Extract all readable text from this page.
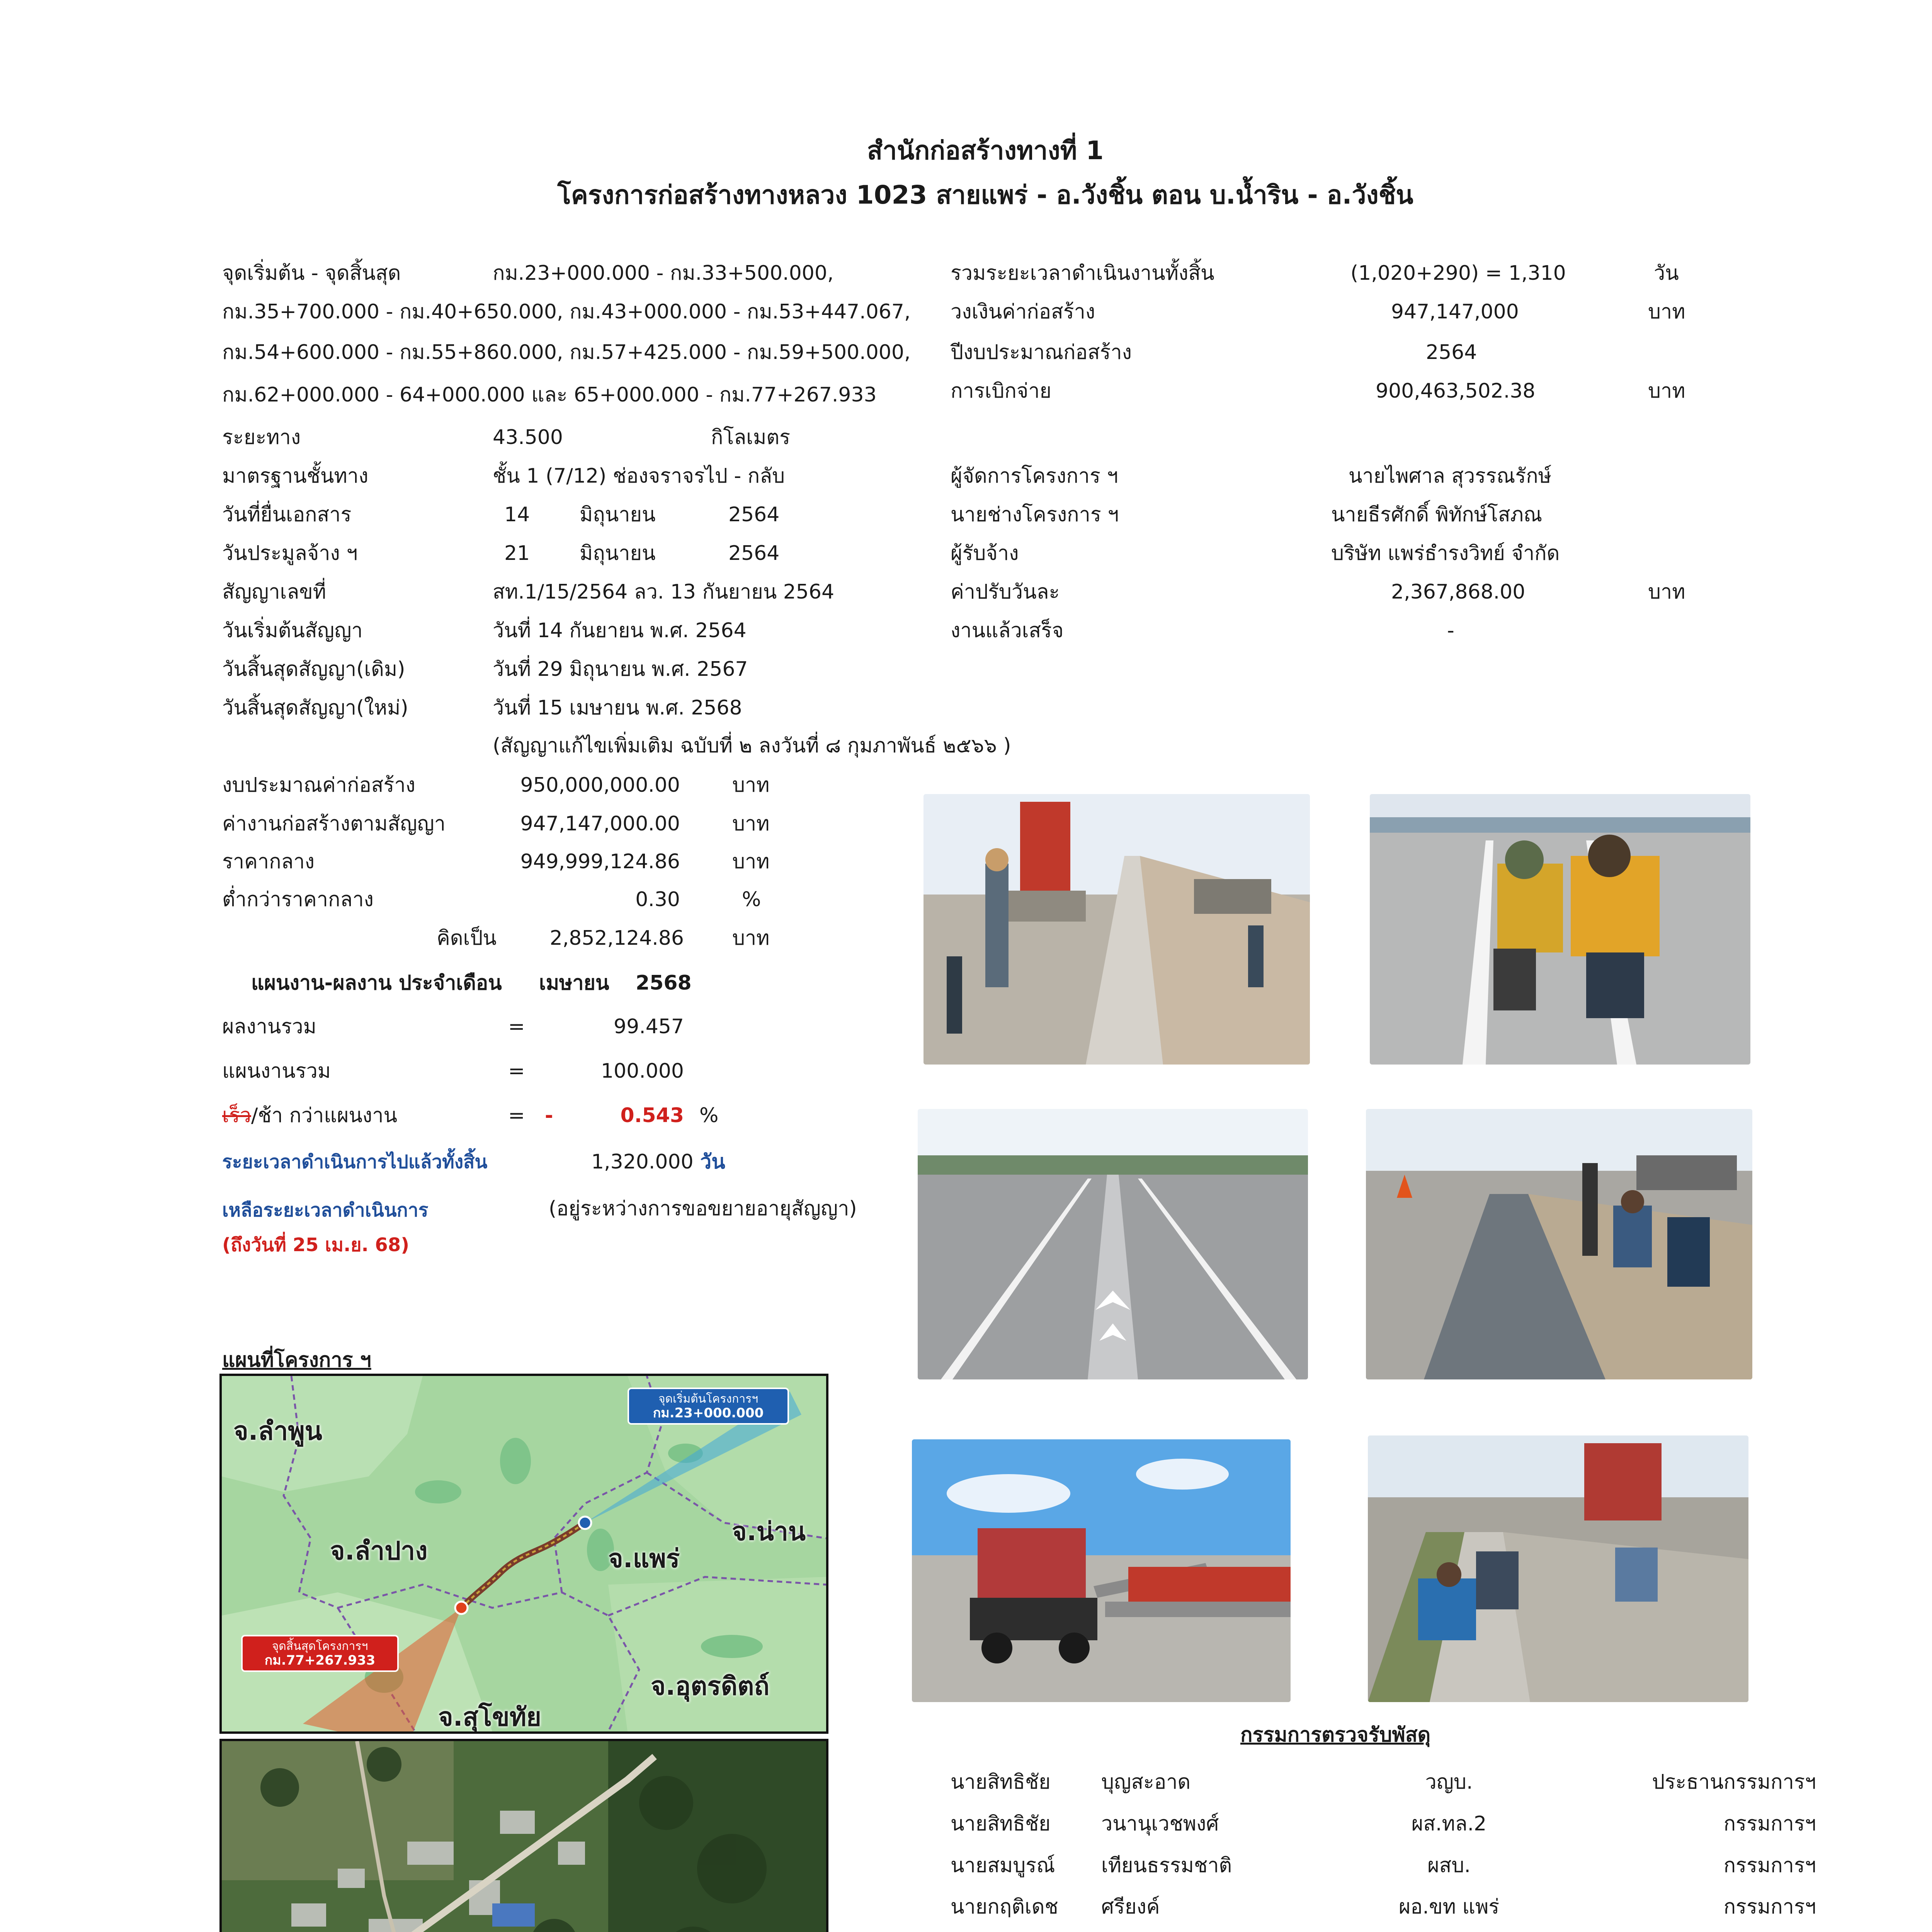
สำนักก่อสร้างทางที่ 1
โครงการก่อสร้างทางหลวง 1023 สายแพร่ - อ.วังชิ้น ตอน บ.น้ำริน - อ.วังชิ้น
จุดเริ่มต้น - จุดสิ้นสุด	กม.23+000.000 - กม.33+500.000,
กม.35+700.000 - กม.40+650.000, กม.43+000.000 - กม.53+447.067,
กม.54+600.000 - กม.55+860.000, กม.57+425.000 - กม.59+500.000,
กม.62+000.000 - 64+000.000 และ 65+000.000 - กม.77+267.933
ระยะทาง	43.500	กิโลเมตร
มาตรฐานชั้นทาง	ชั้น 1 (7/12) ช่องจราจรไป - กลับ
วันที่ยื่นเอกสาร	14 มิถุนายน	2564
วันประมูลจ้าง ฯ	21 มิถุนายน	2564
สัญญาเลขที่	สท.1/15/2564 ลว. 13 กันยายน 2564
วันเริ่มต้นสัญญา	วันที่ 14 กันยายน พ.ศ. 2564
วันสิ้นสุดสัญญา(เดิม)	วันที่ 29 มิถุนายน พ.ศ. 2567
วันสิ้นสุดสัญญา(ใหม่)	วันที่ 15 เมษายน พ.ศ. 2568
(สัญญาแก้ไขเพิ่มเติม ฉบับที่ ๒ ลงวันที่ ๘ กุมภาพันธ์ ๒๕๖๖ )
รวมระยะเวลาดำเนินงานทั้งสิ้น	(1,020+290) = 1,310	วัน
วงเงินค่าก่อสร้าง	947,147,000	บาท
ปีงบประมาณก่อสร้าง	2564
การเบิกจ่าย	900,463,502.38	บาท
ผู้จัดการโครงการ ฯ	นายไพศาล สุวรรณรักษ์
นายช่างโครงการ ฯ	นายธีรศักดิ์ พิทักษ์โสภณ
ผู้รับจ้าง	บริษัท แพร่ธำรงวิทย์ จำกัด
ค่าปรับวันละ	2,367,868.00	บาท
งานแล้วเสร็จ	-
งบประมาณค่าก่อสร้าง	950,000,000.00	บาท
ค่างานก่อสร้างตามสัญญา	947,147,000.00	บาท
ราคากลาง	949,999,124.86	บาท
ต่ำกว่าราคากลาง	0.30	%
คิดเป็น	2,852,124.86 บาท
แผนงาน-ผลงาน ประจำเดือน เมษายน 2568
ผลงานรวม	=	99.457
แผนงานรวม	=	100.000
เร็ว/ช้า กว่าแผนงาน	= -	0.543 %
ระยะเวลาดำเนินการไปแล้วทั้งสิ้น	1,320.000 วัน
เหลือระยะเวลาดำเนินการ	(อยู่ระหว่างการขอขยายอายุสัญญา)
(ถึงวันที่ 25 เม.ย. 68)
แผนที่โครงการ ฯ
จ.ลำพูน
จ.ลำปาง	จ.แพร่
จ.น่าน
จ.อุตรดิตถ์
จ.สุโขทัย
จุดเริ่มต้นโครงการฯ
กม.23+000.000
จุดสิ้นสุดโครงการฯ
กม.77+267.933
กรรมการตรวจรับพัสดุ
นายสิทธิชัย	บุญสะอาด	วญบ.	ประธานกรรมการฯ
นายสิทธิชัย	วนานุเวชพงศ์	ผส.ทล.2	กรรมการฯ
นายสมบูรณ์ เทียนธรรมชาติ	ผสบ.	กรรมการฯ
นายกฤติเดช ศรียงค์	ผอ.ขท แพร่	กรรมการฯ
